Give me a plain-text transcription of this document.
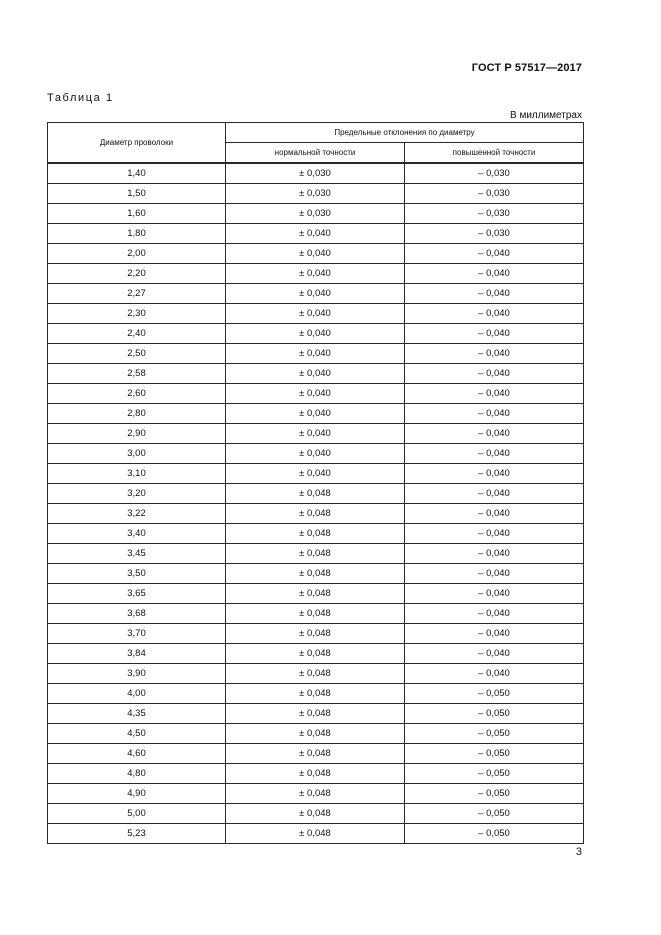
ГОСТ Р 57517—2017
Таблица 1
В миллиметрах
Диаметр проволоки	Предельные отклонения по диаметру	
	нормальной точности	повышенной точности
1,40	± 0,030	– 0,030
1,50	± 0,030	– 0,030
1,60	± 0,030	– 0,030
1,80	± 0,040	– 0,030
2,00	± 0,040	– 0,040
2,20	± 0,040	– 0,040
2,27	± 0,040	– 0,040
2,30	± 0,040	– 0,040
2,40	± 0,040	– 0,040
2,50	± 0,040	– 0,040
2,58	± 0,040	– 0,040
2,60	± 0,040	– 0,040
2,80	± 0,040	– 0,040
2,90	± 0,040	– 0,040
3,00	± 0,040	– 0,040
3,10	± 0,040	– 0,040
3,20	± 0,048	– 0,040
3,22	± 0,048	– 0,040
3,40	± 0,048	– 0,040
3,45	± 0,048	– 0,040
3,50	± 0,048	– 0,040
3,65	± 0,048	– 0,040
3,68	± 0,048	– 0,040
3,70	± 0,048	– 0,040
3,84	± 0,048	– 0,040
3,90	± 0,048	– 0,040
4,00	± 0,048	– 0,050
4,35	± 0,048	– 0,050
4,50	± 0,048	– 0,050
4,60	± 0,048	– 0,050
4,80	± 0,048	– 0,050
4,90	± 0,048	– 0,050
5,00	± 0,048	– 0,050
5,23	± 0,048	– 0,050
3
